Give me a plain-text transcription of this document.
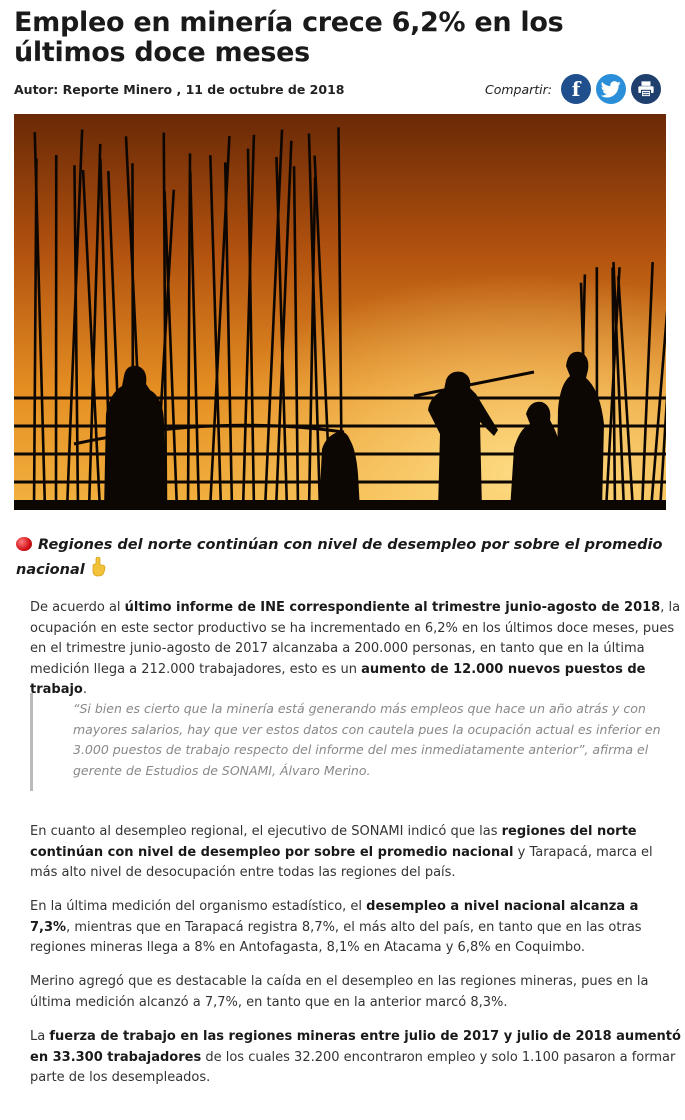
Empleo en minería crece 6,2% en los últimos doce meses
Autor: Reporte Minero , 11 de octubre de 2018	Compartir: f
Regiones del norte continúan con nivel de desempleo por sobre el promedio nacional

De acuerdo al último informe de INE correspondiente al trimestre junio-agosto de 2018, la ocupación en este sector productivo se ha incrementado en 6,2% en los últimos doce meses, pues en el trimestre junio-agosto de 2017 alcanzaba a 200.000 personas, en tanto que en la última medición llega a 212.000 trabajadores, esto es un aumento de 12.000 nuevos puestos de trabajo.

“Si bien es cierto que la minería está generando más empleos que hace un año atrás y con mayores salarios, hay que ver estos datos con cautela pues la ocupación actual es inferior en 3.000 puestos de trabajo respecto del informe del mes inmediatamente anterior”, afirma el gerente de Estudios de SONAMI, Álvaro Merino.

En cuanto al desempleo regional, el ejecutivo de SONAMI indicó que las regiones del norte continúan con nivel de desempleo por sobre el promedio nacional y Tarapacá, marca el más alto nivel de desocupación entre todas las regiones del país.

En la última medición del organismo estadístico, el desempleo a nivel nacional alcanza a 7,3%, mientras que en Tarapacá registra 8,7%, el más alto del país, en tanto que en las otras regiones mineras llega a 8% en Antofagasta, 8,1% en Atacama y 6,8% en Coquimbo.

Merino agregó que es destacable la caída en el desempleo en las regiones mineras, pues en la última medición alcanzó a 7,7%, en tanto que en la anterior marcó 8,3%.

La fuerza de trabajo en las regiones mineras entre julio de 2017 y julio de 2018 aumentó en 33.300 trabajadores de los cuales 32.200 encontraron empleo y solo 1.100 pasaron a formar parte de los desempleados.
